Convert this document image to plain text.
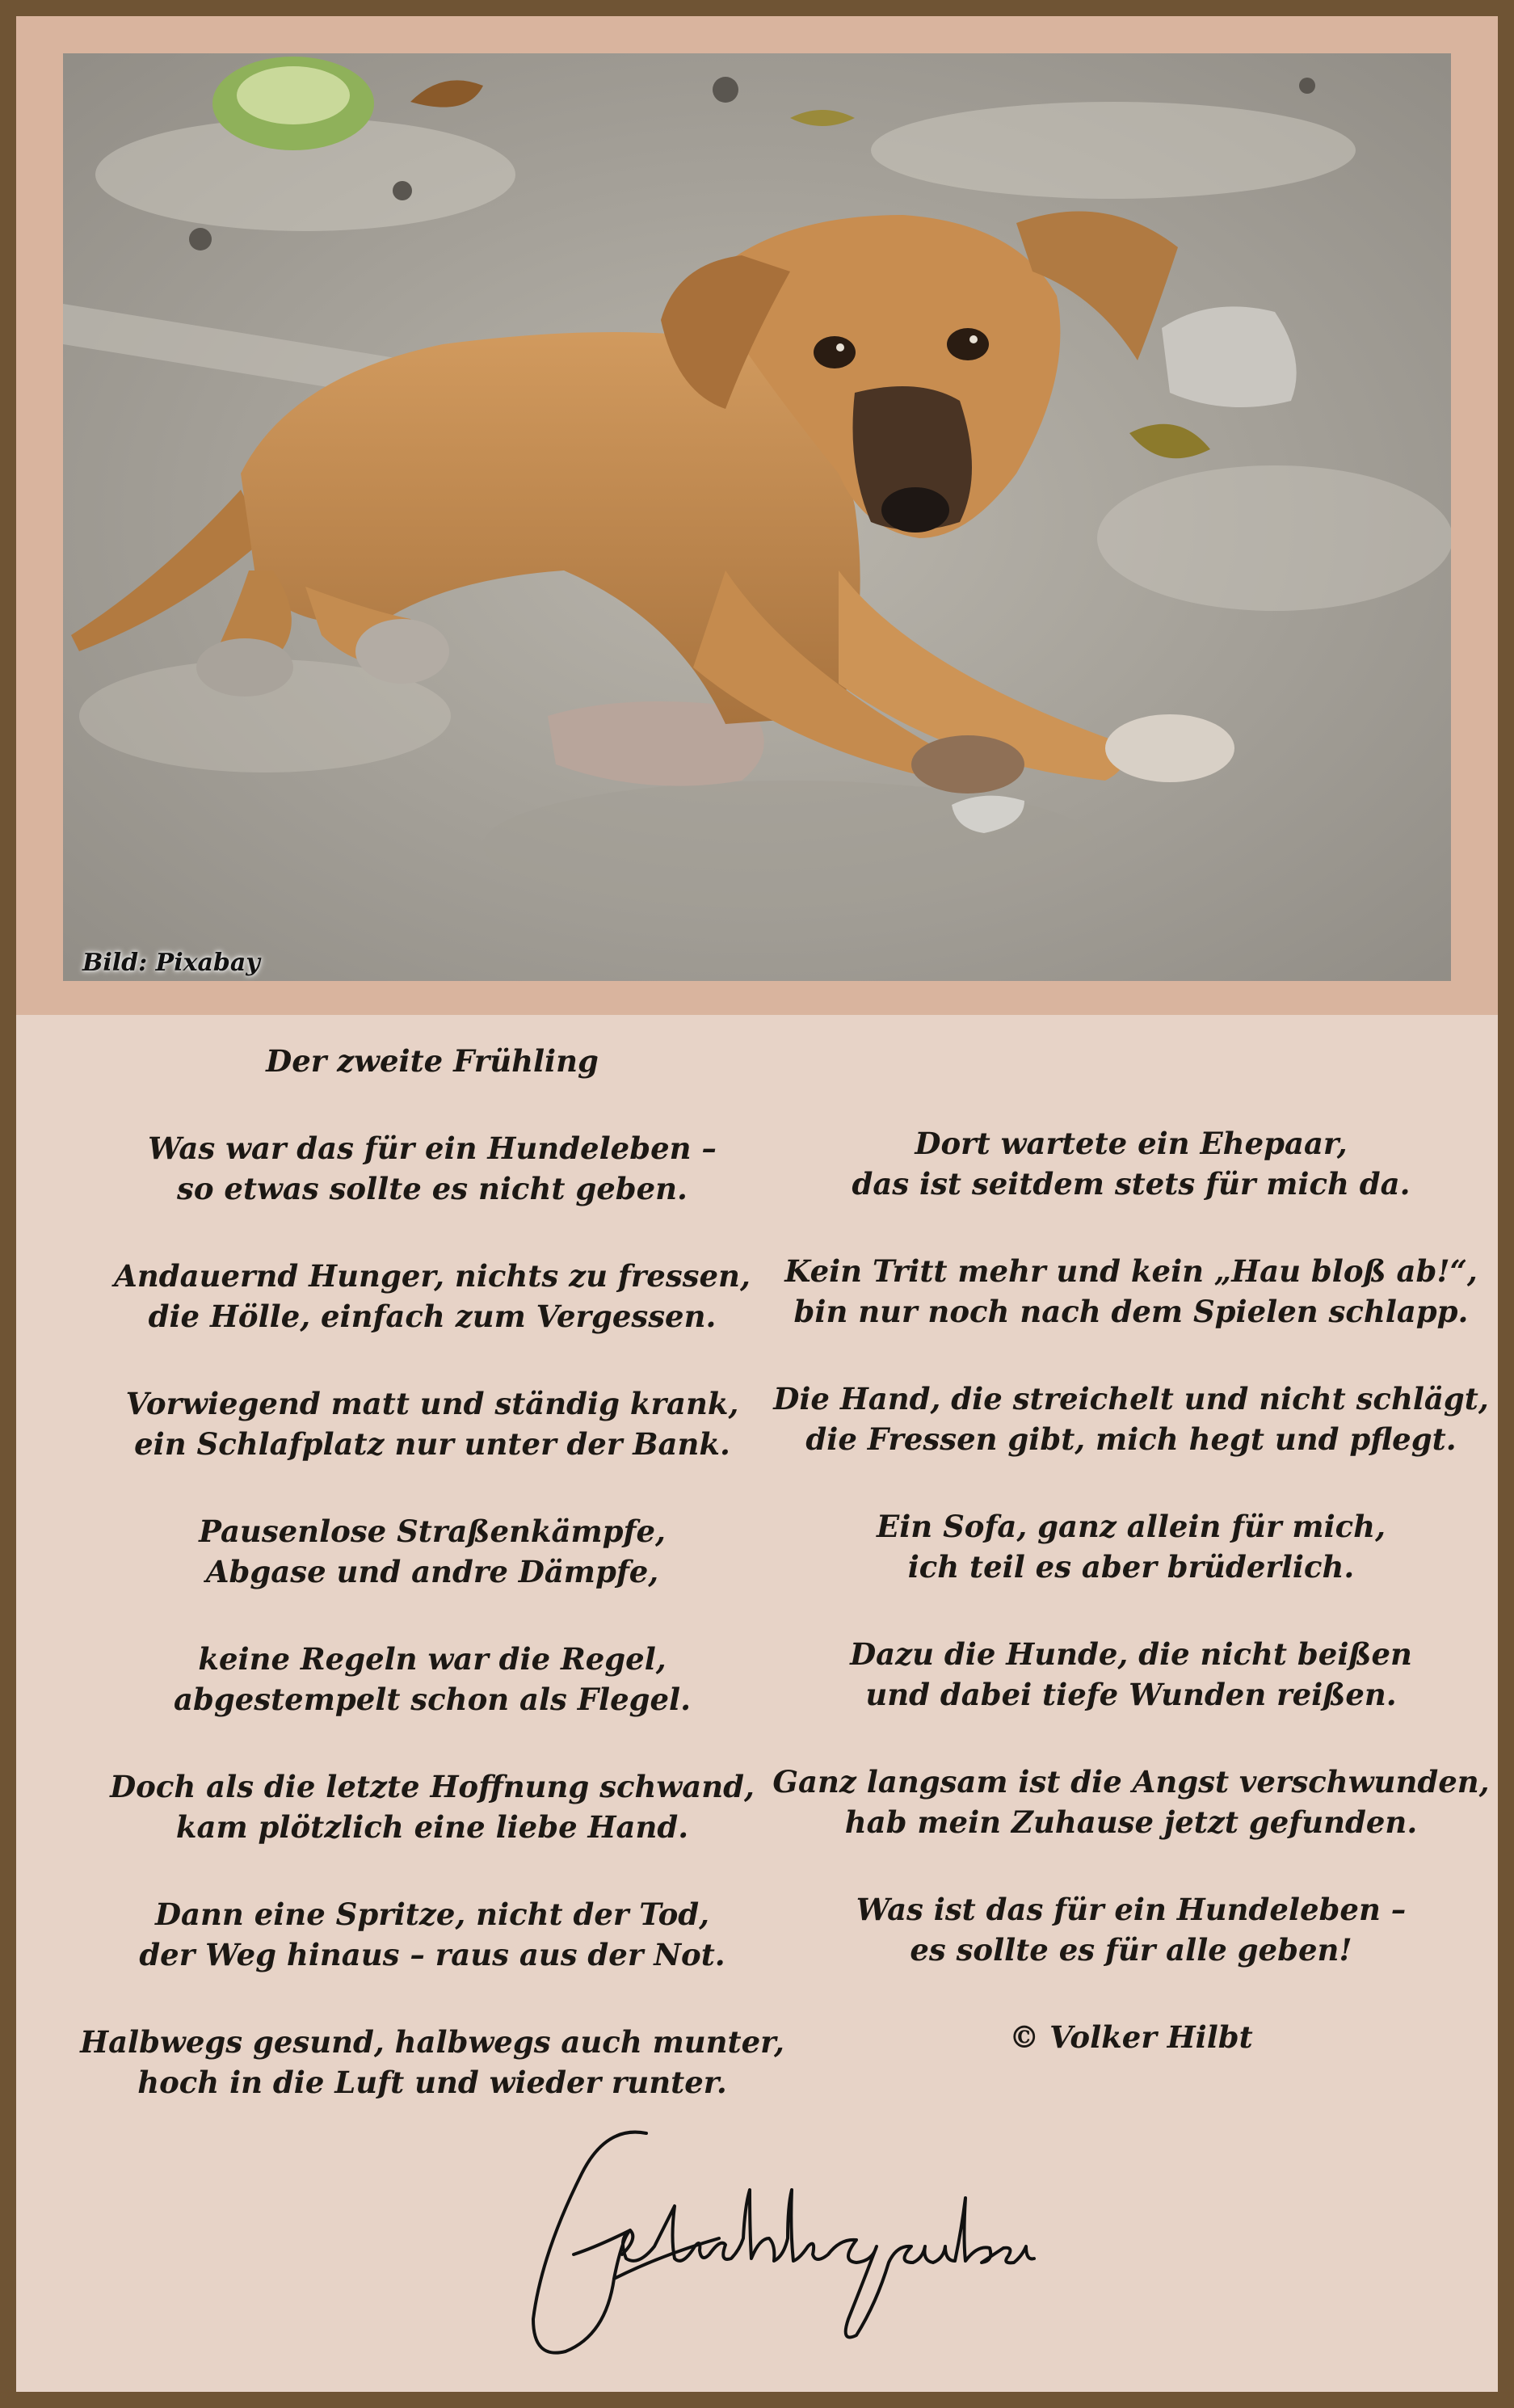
Bild: Pixabay
Der zweite Frühling
Was war das für ein Hundeleben –
so etwas sollte es nicht geben.
Andauernd Hunger, nichts zu fressen,
die Hölle, einfach zum Vergessen.
Vorwiegend matt und ständig krank,
ein Schlafplatz nur unter der Bank.
Pausenlose Straßenkämpfe,
Abgase und andre Dämpfe,
keine Regeln war die Regel,
abgestempelt schon als Flegel.
Doch als die letzte Hoffnung schwand,
kam plötzlich eine liebe Hand.
Dann eine Spritze, nicht der Tod,
der Weg hinaus – raus aus der Not.
Halbwegs gesund, halbwegs auch munter,
hoch in die Luft und wieder runter.
Dort wartete ein Ehepaar,
das ist seitdem stets für mich da.
Kein Tritt mehr und kein „Hau bloß ab!“,
bin nur noch nach dem Spielen schlapp.
Die Hand, die streichelt und nicht schlägt,
die Fressen gibt, mich hegt und pflegt.
Ein Sofa, ganz allein für mich,
ich teil es aber brüderlich.
Dazu die Hunde, die nicht beißen
und dabei tiefe Wunden reißen.
Ganz langsam ist die Angst verschwunden,
hab mein Zuhause jetzt gefunden.
Was ist das für ein Hundeleben –
es sollte es für alle geben!
© Volker Hilbt
